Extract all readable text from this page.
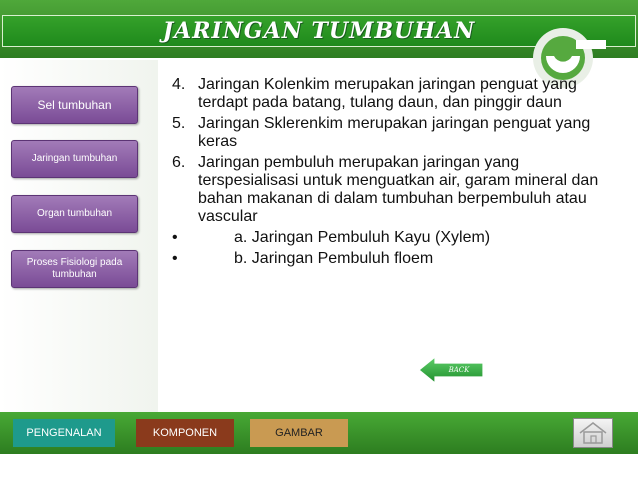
JARINGAN TUMBUHAN
Sel tumbuhan
Jaringan tumbuhan
Organ tumbuhan
Proses Fisiologi pada tumbuhan
4. Jaringan Kolenkim merupakan jaringan penguat yang terdapt pada batang, tulang daun, dan pinggir daun
5. Jaringan Sklerenkim merupakan jaringan penguat yang keras
6. Jaringan pembuluh merupakan jaringan yang terspesialisasi untuk menguatkan air, garam mineral dan bahan makanan di dalam tumbuhan berpembuluh atau vascular
•	a. Jaringan Pembuluh Kayu (Xylem)
•	b. Jaringan Pembuluh floem
BACK
PENGENALAN	KOMPONEN	GAMBAR
